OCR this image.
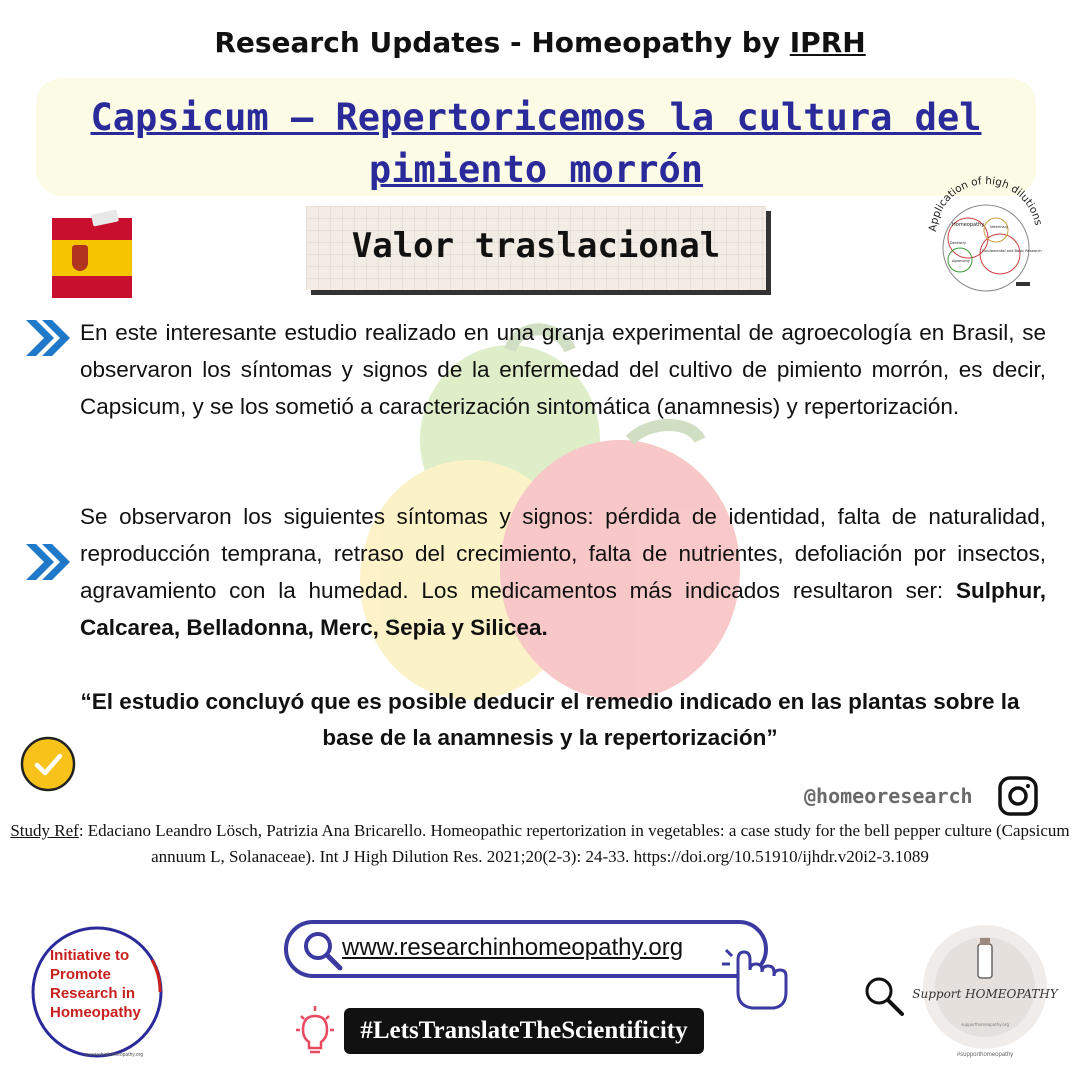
Research Updates - Homeopathy by IPRH
Capsicum – Repertoricemos la cultura del pimiento morrón
Valor traslacional	Application of high dilutions
Homeopathy Veterinary
Dentistry
Agronomy
Fundamental and Basic Research
En este interesante estudio realizado en una granja experimental de agroecología en Brasil, se observaron los síntomas y signos de la enfermedad del cultivo de pimiento morrón, es decir, Capsicum, y se los sometió a caracterización sintomática (anamnesis) y repertorización.
Se observaron los siguientes síntomas y signos: pérdida de identidad, falta de naturalidad, reproducción temprana, retraso del crecimiento, falta de nutrientes, defoliación por insectos, agravamiento con la humedad. Los medicamentos más indicados resultaron ser: Sulphur, Calcarea, Belladonna, Merc, Sepia y Silicea.
“El estudio concluyó que es posible deducir el remedio indicado en las plantas sobre la base de la anamnesis y la repertorización”
@homeoresearch
Study Ref: Edaciano Leandro Lösch, Patrizia Ana Bricarello. Homeopathic repertorization in vegetables: a case study for the bell pepper culture (Capsicum annuum L, Solanaceae). Int J High Dilution Res. 2021;20(2-3): 24-33. https://doi.org/10.51910/ijhdr.v20i2-3.1089
Initiative to Promote Research in Homeopathy
researchinhomeopathy.org
www.researchinhomeopathy.org
#LetsTranslateTheScientificity
Support HOMEOPATHY
supporthomeopathy.org
#supporthomeopathy
